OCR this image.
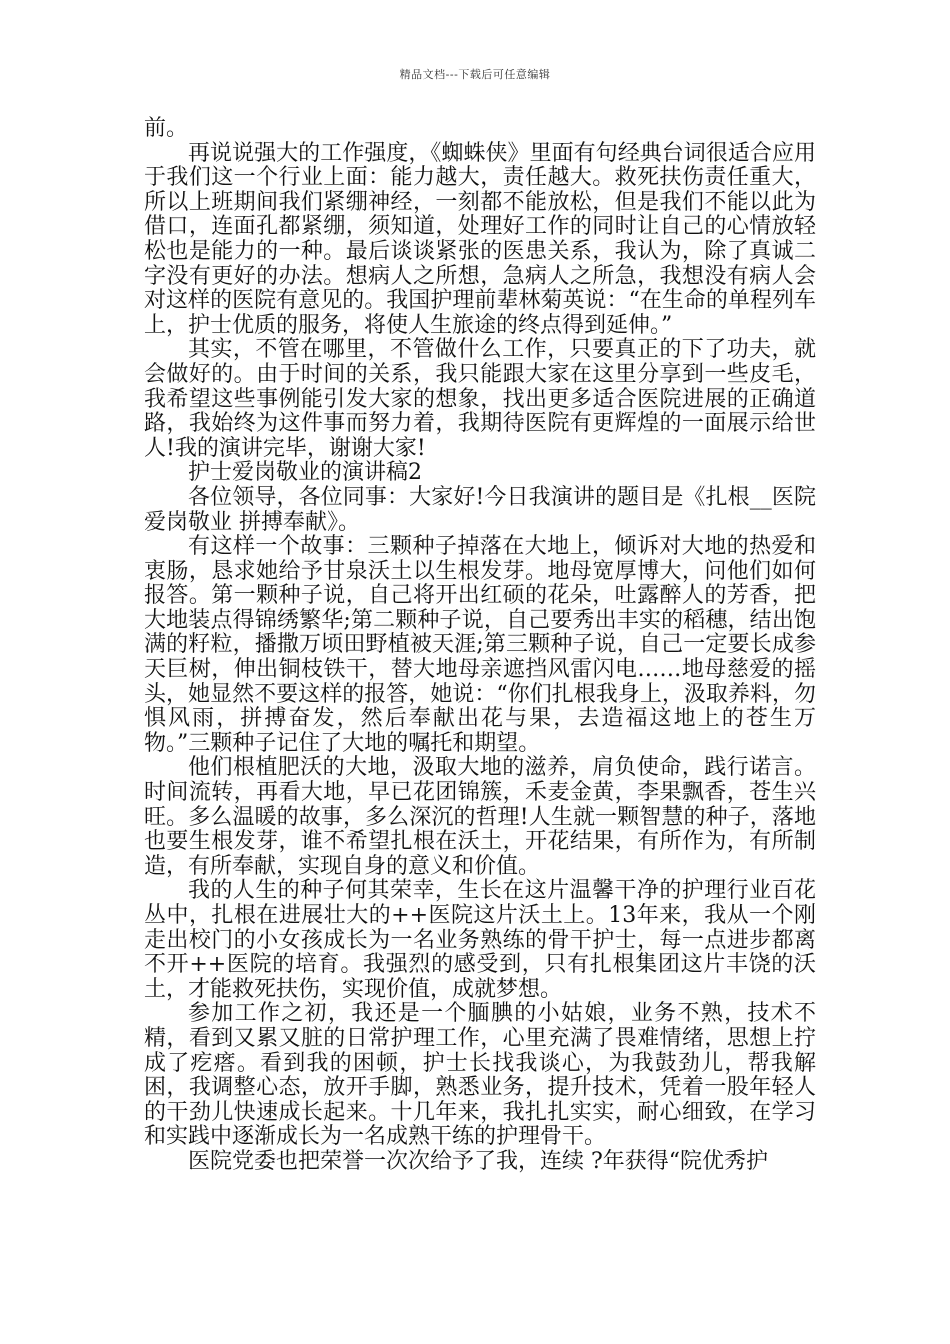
精品文档---下载后可任意编辑

前。

再说说强大的工作强度，《蜘蛛侠》里面有句经典台词很适合应用于我们这一个行业上面：能力越大，责任越大。救死扶伤责任重大，所以上班期间我们紧绷神经，一刻都不能放松，但是我们不能以此为借口，连面孔都紧绷，须知道，处理好工作的同时让自己的心情放轻松也是能力的一种。最后谈谈紧张的医患关系，我认为，除了真诚二字没有更好的办法。想病人之所想，急病人之所急，我想没有病人会对这样的医院有意见的。我国护理前辈林菊英说：“在生命的单程列车上，护士优质的服务，将使人生旅途的终点得到延伸。”

其实，不管在哪里，不管做什么工作，只要真正的下了功夫，就会做好的。由于时间的关系，我只能跟大家在这里分享到一些皮毛，我希望这些事例能引发大家的想象，找出更多适合医院进展的正确道路，我始终为这件事而努力着，我期待医院有更辉煌的一面展示给世人!我的演讲完毕，谢谢大家!

护士爱岗敬业的演讲稿2

各位领导，各位同事：大家好!今日我演讲的题目是《扎根__医院 爱岗敬业 拼搏奉献》。

有这样一个故事：三颗种子掉落在大地上，倾诉对大地的热爱和衷肠，恳求她给予甘泉沃土以生根发芽。地母宽厚博大，问他们如何报答。第一颗种子说，自己将开出红硕的花朵，吐露醉人的芳香，把大地装点得锦绣繁华;第二颗种子说，自己要秀出丰实的稻穗，结出饱满的籽粒，播撒万顷田野植被天涯;第三颗种子说，自己一定要长成参天巨树，伸出铜枝铁干，替大地母亲遮挡风雷闪电……地母慈爱的摇头，她显然不要这样的报答，她说：“你们扎根我身上，汲取养料，勿惧风雨，拼搏奋发，然后奉献出花与果，去造福这地上的苍生万物。”三颗种子记住了大地的嘱托和期望。

他们根植肥沃的大地，汲取大地的滋养，肩负使命，践行诺言。时间流转，再看大地，早已花团锦簇，禾麦金黄，李果飘香，苍生兴旺。多么温暖的故事，多么深沉的哲理!人生就一颗智慧的种子，落地也要生根发芽，谁不希望扎根在沃土，开花结果，有所作为，有所制造，有所奉献，实现自身的意义和价值。

我的人生的种子何其荣幸，生长在这片温馨干净的护理行业百花丛中，扎根在进展壮大的++医院这片沃土上。13年来，我从一个刚走出校门的小女孩成长为一名业务熟练的骨干护士，每一点进步都离不开++医院的培育。我强烈的感受到，只有扎根集团这片丰饶的沃土，才能救死扶伤，实现价值，成就梦想。

参加工作之初，我还是一个腼腆的小姑娘，业务不熟，技术不精，看到又累又脏的日常护理工作，心里充满了畏难情绪，思想上拧成了疙瘩。看到我的困顿，护士长找我谈心，为我鼓劲儿，帮我解困，我调整心态，放开手脚，熟悉业务，提升技术，凭着一股年轻人的干劲儿快速成长起来。十几年来，我扎扎实实，耐心细致，在学习和实践中逐渐成长为一名成熟干练的护理骨干。

医院党委也把荣誉一次次给予了我，连续 ?年获得“院优秀护
